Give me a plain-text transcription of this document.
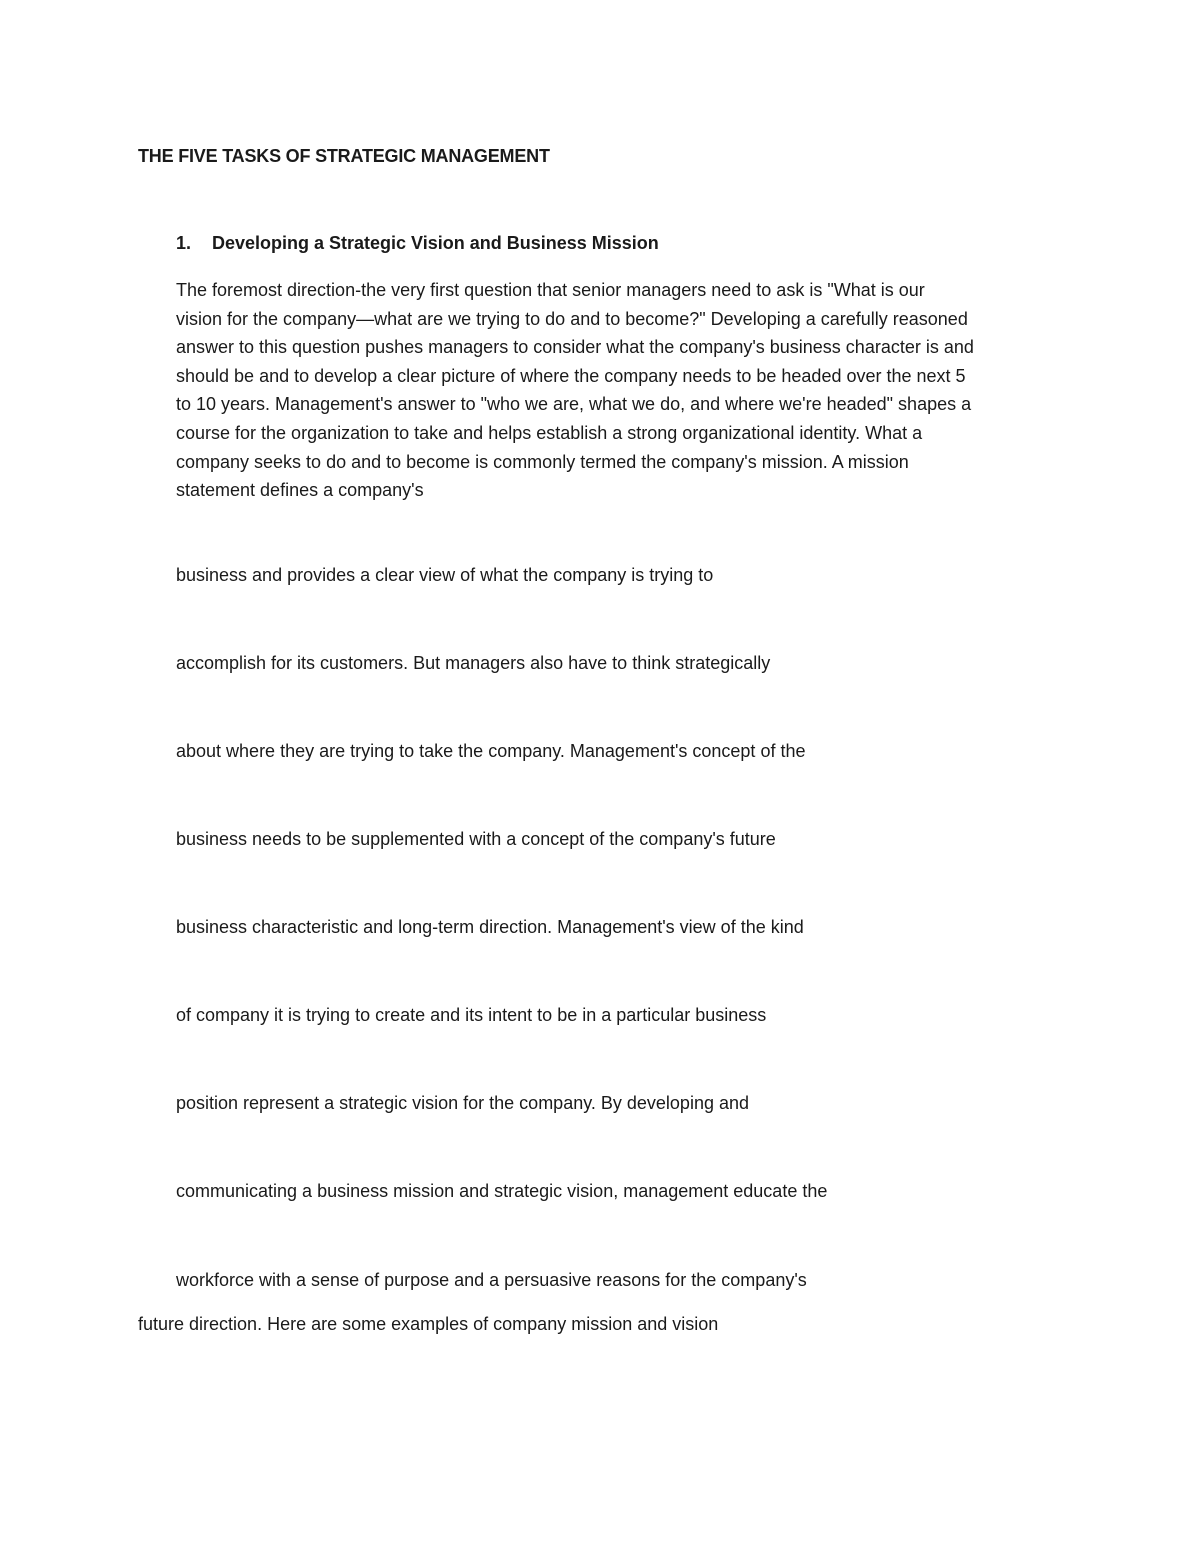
THE FIVE TASKS OF STRATEGIC MANAGEMENT
1. Developing a Strategic Vision and Business Mission
The foremost direction-the very first question that senior managers need to ask is "What is our
vision for the company—what are we trying to do and to become?" Developing a carefully reasoned
answer to this question pushes managers to consider what the company's business character is and
should be and to develop a clear picture of where the company needs to be headed over the next 5
to 10 years. Management's answer to "who we are, what we do, and where we're headed" shapes a
course for the organization to take and helps establish a strong organizational identity. What a
company seeks to do and to become is commonly termed the company's mission. A mission
statement defines a company's
business and provides a clear view of what the company is trying to
accomplish for its customers. But managers also have to think strategically
about where they are trying to take the company. Management's concept of the
business needs to be supplemented with a concept of the company's future
business characteristic and long-term direction. Management's view of the kind
of company it is trying to create and its intent to be in a particular business
position represent a strategic vision for the company. By developing and
communicating a business mission and strategic vision, management educate the
workforce with a sense of purpose and a persuasive reasons for the company's
future direction. Here are some examples of company mission and vision
